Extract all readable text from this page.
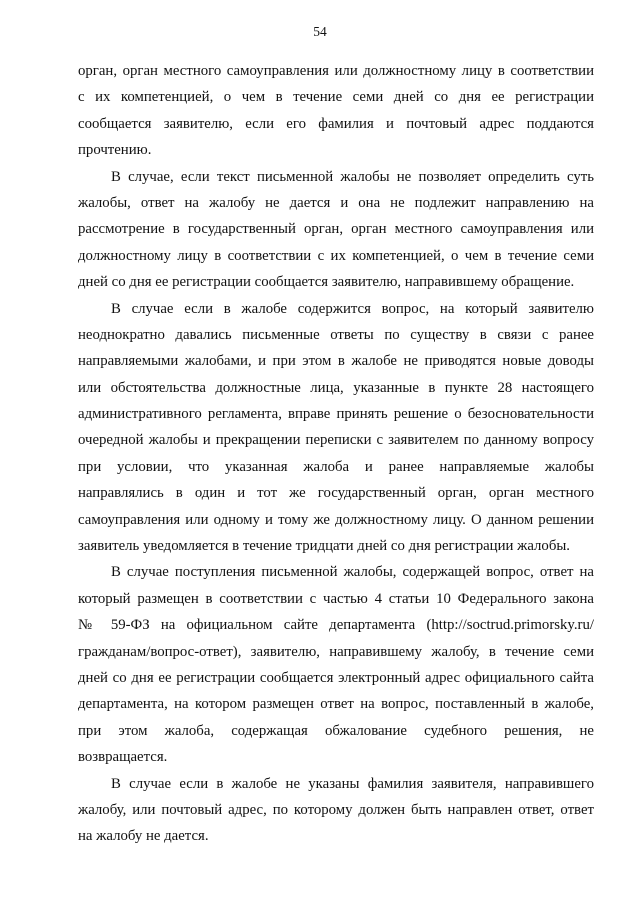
54
орган, орган местного самоуправления или должностному лицу в соответствии
с их компетенцией, о чем в течение семи дней со дня ее регистрации
сообщается заявителю, если его фамилия и почтовый адрес поддаются
прочтению.
В случае, если текст письменной жалобы не позволяет определить суть
жалобы, ответ на жалобу не дается и она не подлежит направлению на
рассмотрение в государственный орган, орган местного самоуправления или
должностному лицу в соответствии с их компетенцией, о чем в течение семи
дней со дня ее регистрации сообщается заявителю, направившему обращение.
В случае если в жалобе содержится вопрос, на который заявителю
неоднократно давались письменные ответы по существу в связи с ранее
направляемыми жалобами, и при этом в жалобе не приводятся новые доводы
или обстоятельства должностные лица, указанные в пункте 28 настоящего
административного регламента, вправе принять решение о безосновательности
очередной жалобы и прекращении переписки с заявителем по данному вопросу
при условии, что указанная жалоба и ранее направляемые жалобы
направлялись в один и тот же государственный орган, орган местного
самоуправления или одному и тому же должностному лицу. О данном решении
заявитель уведомляется в течение тридцати дней со дня регистрации жалобы.
В случае поступления письменной жалобы, содержащей вопрос, ответ на
который размещен в соответствии с частью 4 статьи 10 Федерального закона
№ 59-ФЗ на официальном сайте департамента (http://soctrud.primorsky.ru/
гражданам/вопрос-ответ), заявителю, направившему жалобу, в течение семи
дней со дня ее регистрации сообщается электронный адрес официального сайта
департамента, на котором размещен ответ на вопрос, поставленный в жалобе,
при этом жалоба, содержащая обжалование судебного решения, не
возвращается.
В случае если в жалобе не указаны фамилия заявителя, направившего
жалобу, или почтовый адрес, по которому должен быть направлен ответ, ответ
на жалобу не дается.
